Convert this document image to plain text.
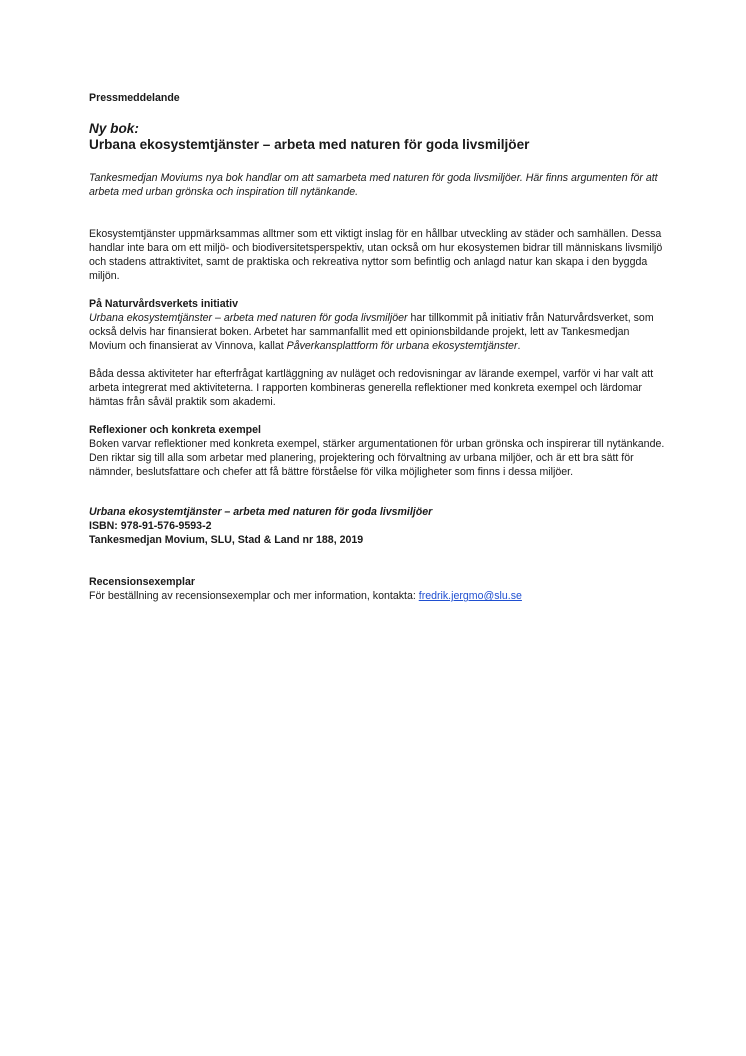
Pressmeddelande

Ny bok:

Urbana ekosystemtjänster – arbeta med naturen för goda livsmiljöer

Tankesmedjan Moviums nya bok handlar om att samarbeta med naturen för goda livsmiljöer. Här finns argumenten för att arbeta med urban grönska och inspiration till nytänkande.

Ekosystemtjänster uppmärksammas alltmer som ett viktigt inslag för en hållbar utveckling av städer och samhällen. Dessa handlar inte bara om ett miljö- och biodiversitetsperspektiv, utan också om hur ekosystemen bidrar till människans livsmiljö och stadens attraktivitet, samt de praktiska och rekreativa nyttor som befintlig och anlagd natur kan skapa i den byggda miljön.

På Naturvårdsverkets initiativ

Urbana ekosystemtjänster – arbeta med naturen för goda livsmiljöer har tillkommit på initiativ från Naturvårdsverket, som också delvis har finansierat boken. Arbetet har sammanfallit med ett opinionsbildande projekt, lett av Tankesmedjan Movium och finansierat av Vinnova, kallat Påverkansplattform för urbana ekosystemtjänster.

Båda dessa aktiviteter har efterfrågat kartläggning av nuläget och redovisningar av lärande exempel, varför vi har valt att arbeta integrerat med aktiviteterna. I rapporten kombineras generella reflektioner med konkreta exempel och lärdomar hämtas från såväl praktik som akademi.

Reflexioner och konkreta exempel

Boken varvar reflektioner med konkreta exempel, stärker argumentationen för urban grönska och inspirerar till nytänkande. Den riktar sig till alla som arbetar med planering, projektering och förvaltning av urbana miljöer, och är ett bra sätt för nämnder, beslutsfattare och chefer att få bättre förståelse för vilka möjligheter som finns i dessa miljöer.

Urbana ekosystemtjänster – arbeta med naturen för goda livsmiljöer

ISBN: 978-91-576-9593-2

Tankesmedjan Movium, SLU, Stad & Land nr 188, 2019

Recensionsexemplar

För beställning av recensionsexemplar och mer information, kontakta: fredrik.jergmo@slu.se
